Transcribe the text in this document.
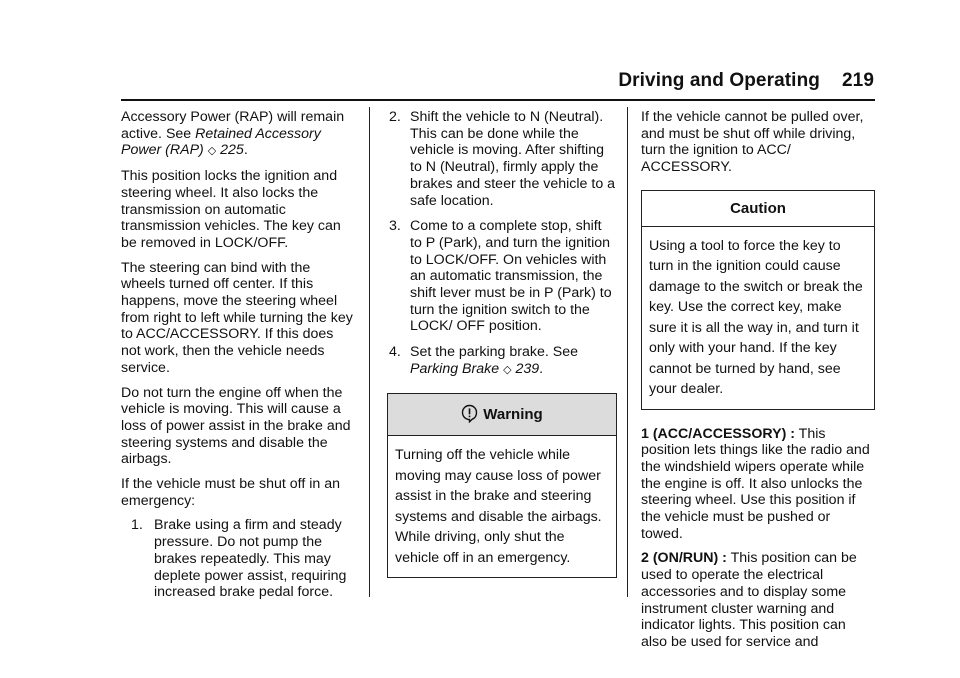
Driving and Operating 219

Accessory Power (RAP) will remain active. See Retained Accessory Power (RAP) ◇ 225.

This position locks the ignition and steering wheel. It also locks the transmission on automatic transmission vehicles. The key can be removed in LOCK/OFF.

The steering can bind with the wheels turned off center. If this happens, move the steering wheel from right to left while turning the key to ACC/ACCESSORY. If this does not work, then the vehicle needs service.

Do not turn the engine off when the vehicle is moving. This will cause a loss of power assist in the brake and steering systems and disable the airbags.

If the vehicle must be shut off in an emergency:

1. Brake using a firm and steady pressure. Do not pump the brakes repeatedly. This may deplete power assist, requiring increased brake pedal force.
2. Shift the vehicle to N (Neutral). This can be done while the vehicle is moving. After shifting to N (Neutral), firmly apply the brakes and steer the vehicle to a safe location.
3. Come to a complete stop, shift to P (Park), and turn the ignition to LOCK/OFF. On vehicles with an automatic transmission, the shift lever must be in P (Park) to turn the ignition switch to the LOCK/ OFF position.
4. Set the parking brake. See
Parking Brake ◇ 239.
Warning
Turning off the vehicle while moving may cause loss of power assist in the brake and steering systems and disable the airbags. While driving, only shut the vehicle off in an emergency.

If the vehicle cannot be pulled over, and must be shut off while driving, turn the ignition to ACC/ ACCESSORY.

Caution
Using a tool to force the key to turn in the ignition could cause damage to the switch or break the key. Use the correct key, make sure it is all the way in, and turn it only with your hand. If the key cannot be turned by hand, see your dealer.

1 (ACC/ACCESSORY) : This position lets things like the radio and the windshield wipers operate while the engine is off. It also unlocks the steering wheel. Use this position if the vehicle must be pushed or towed.

2 (ON/RUN) : This position can be used to operate the electrical accessories and to display some instrument cluster warning and indicator lights. This position can also be used for service and
